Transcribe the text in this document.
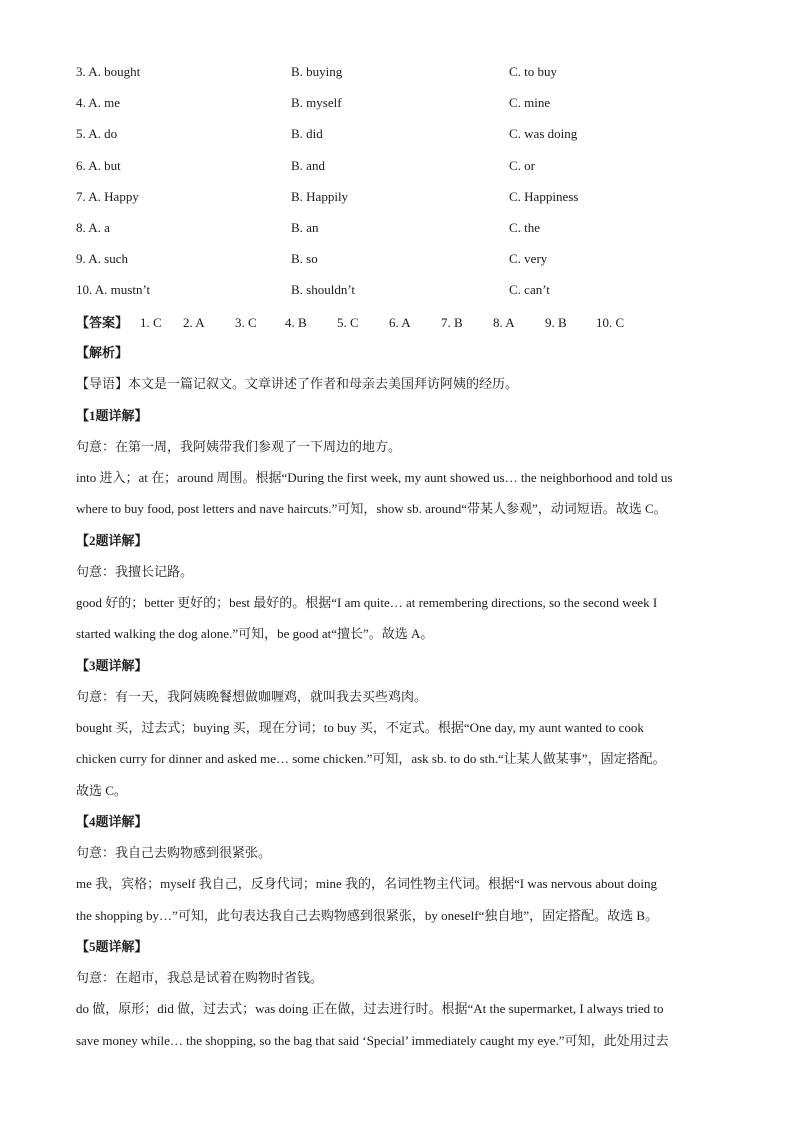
3. A. bought	B. buying	C. to buy
4. A. me	B. myself	C. mine
5. A. do	B. did	C. was doing
6. A. but	B. and	C. or
7. A. Happy	B. Happily	C. Happiness
8. A. a	B. an	C. the
9. A. such	B. so	C. very
10. A. mustn’t	B. shouldn’t	C. can’t
【答案】 1. C 2. A 3. C 4. B 5. C 6. A 7. B 8. A 9. B 10. C
【解析】
【导语】本文是一篇记叙文。文章讲述了作者和母亲去美国拜访阿姨的经历。
【1题详解】
句意：在第一周，我阿姨带我们参观了一下周边的地方。
into 进入；at 在；around 周围。根据“During the first week, my aunt showed us… the neighborhood and told us
where to buy food, post letters and nave haircuts.”可知，show sb. around“带某人参观”，动词短语。故选 C。
【2题详解】
句意：我擅长记路。
good 好的；better 更好的；best 最好的。根据“I am quite… at remembering directions, so the second week I
started walking the dog alone.”可知，be good at“擅长”。故选 A。
【3题详解】
句意：有一天，我阿姨晚餐想做咖喱鸡，就叫我去买些鸡肉。
bought 买，过去式；buying 买，现在分词；to buy 买，不定式。根据“One day, my aunt wanted to cook
chicken curry for dinner and asked me… some chicken.”可知，ask sb. to do sth.“让某人做某事”，固定搭配。
故选 C。
【4题详解】
句意：我自己去购物感到很紧张。
me 我，宾格；myself 我自己，反身代词；mine 我的，名词性物主代词。根据“I was nervous about doing
the shopping by…”可知，此句表达我自己去购物感到很紧张，by oneself“独自地”，固定搭配。故选 B。
【5题详解】
句意：在超市，我总是试着在购物时省钱。
do 做，原形；did 做，过去式；was doing 正在做，过去进行时。根据“At the supermarket, I always tried to
save money while… the shopping, so the bag that said ‘Special’ immediately caught my eye.”可知，此处用过去
